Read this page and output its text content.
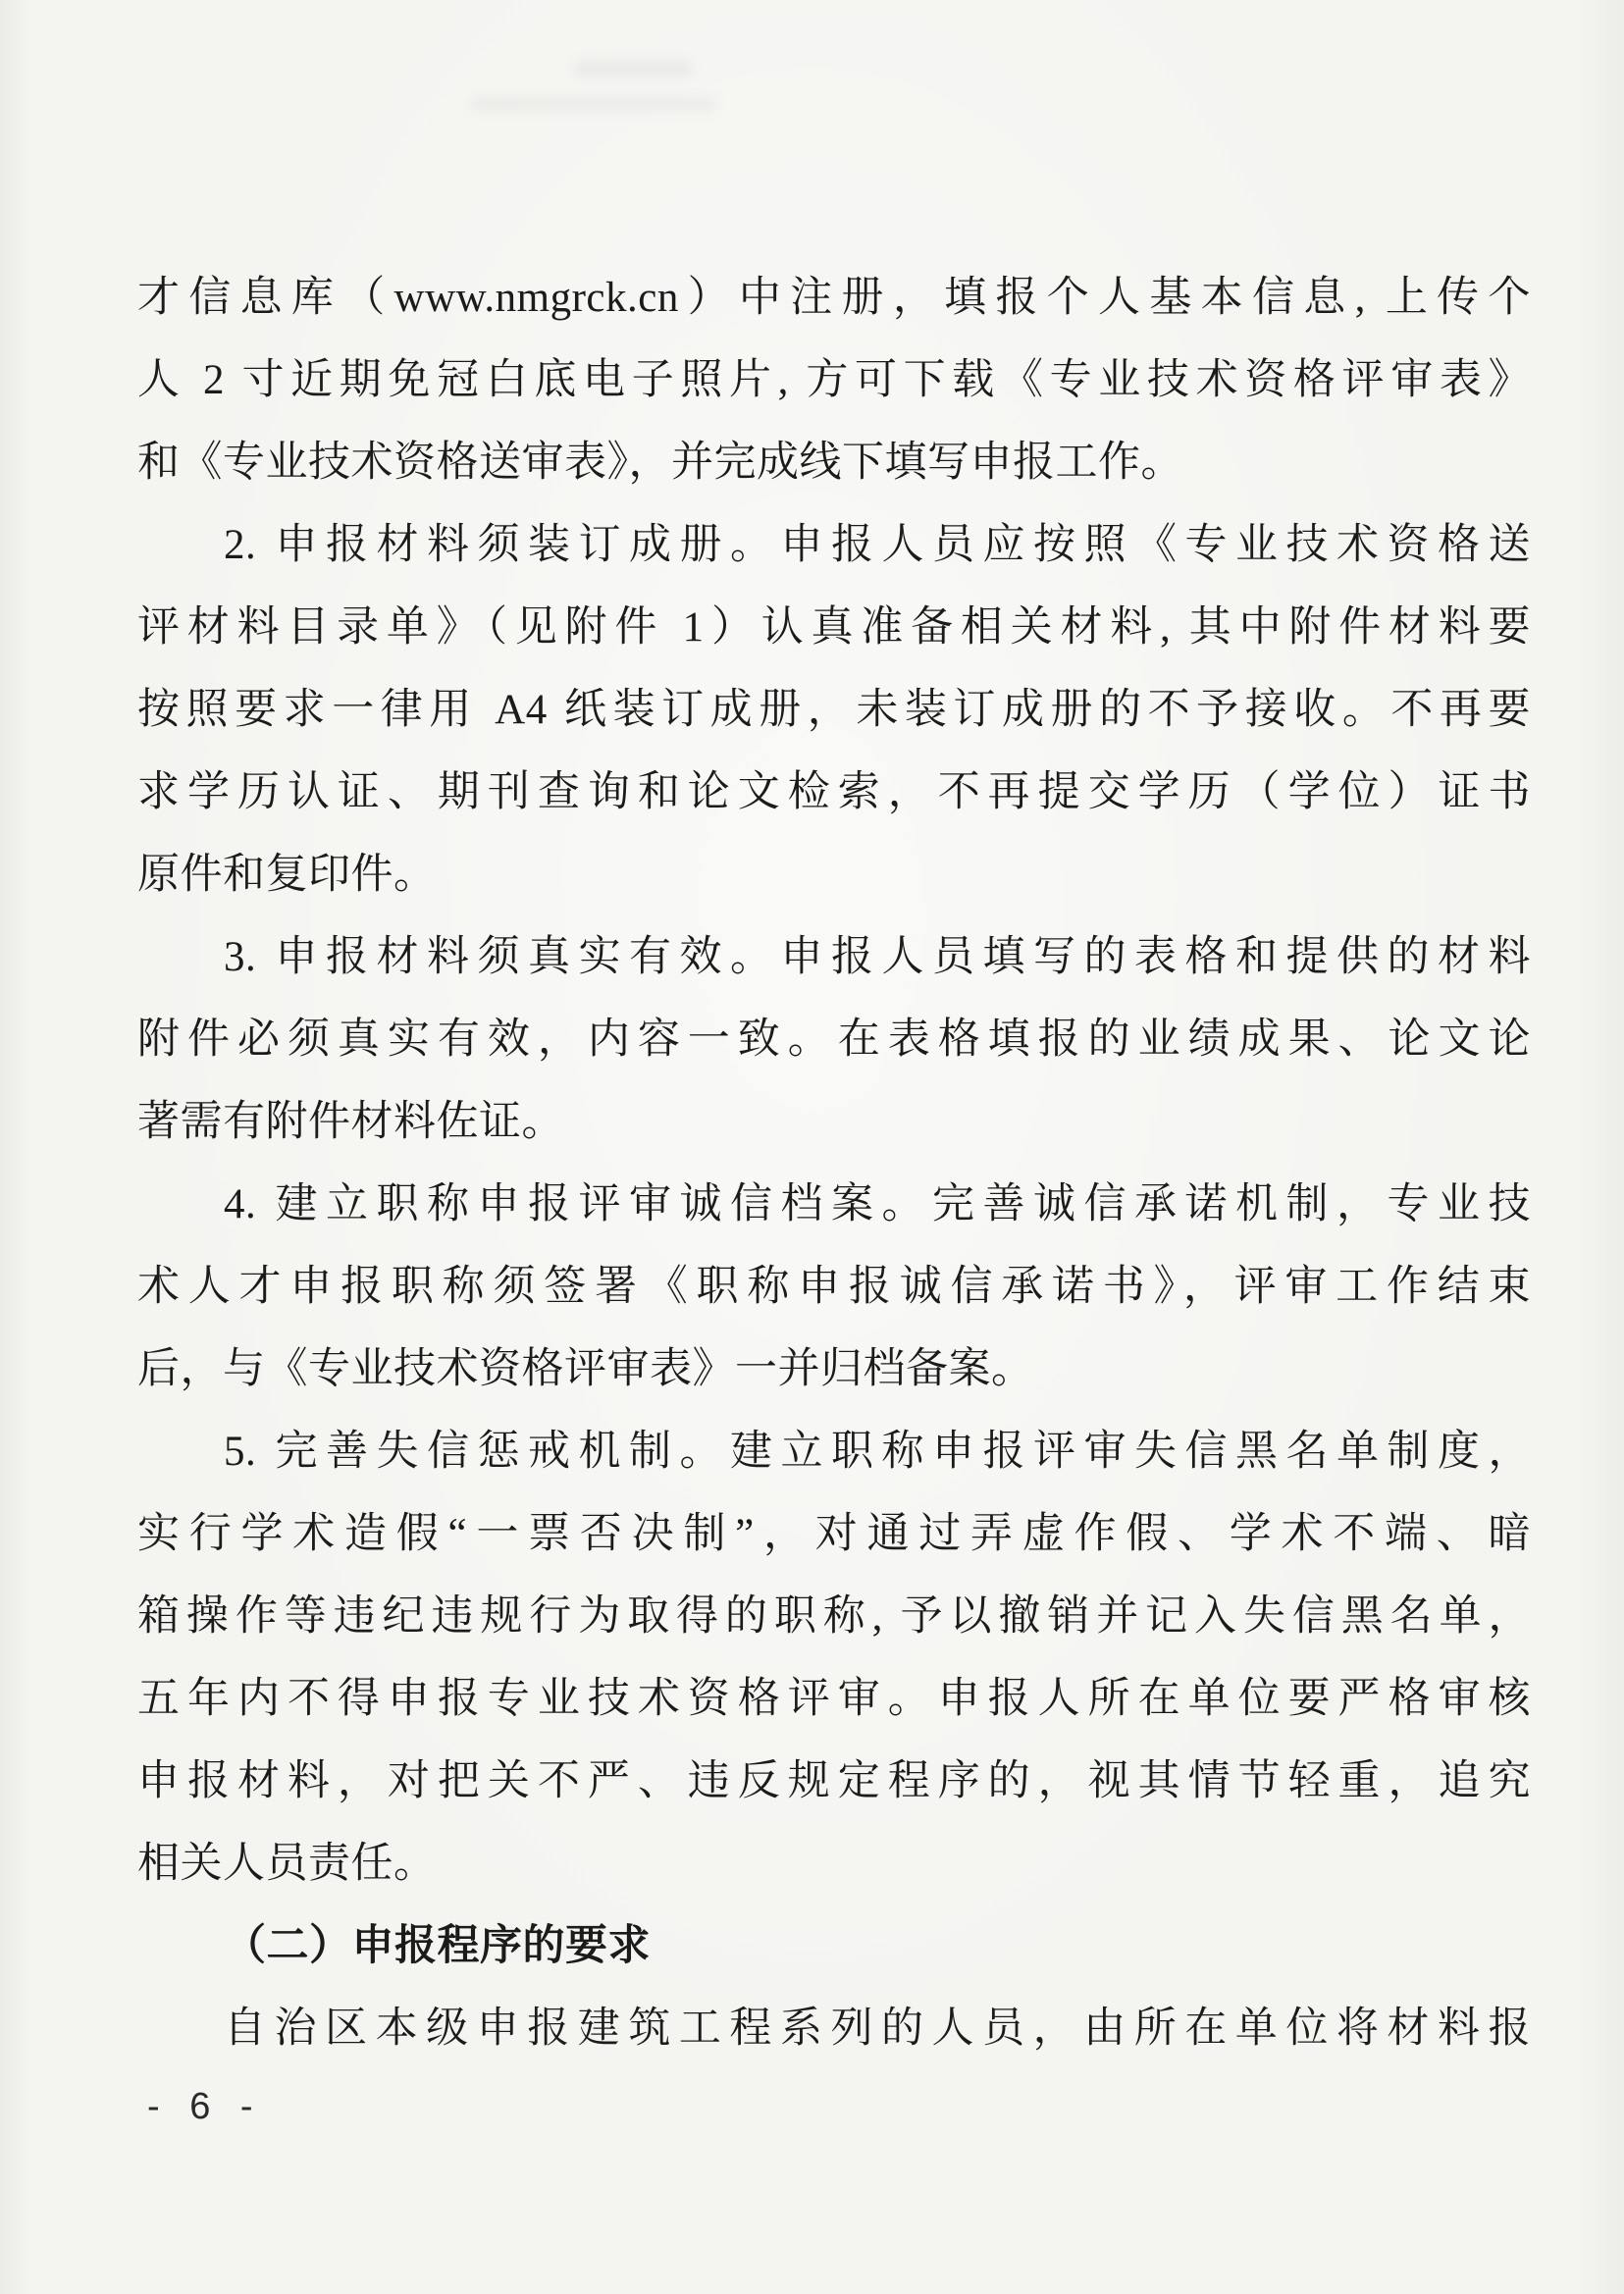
才信息库（www.nmgrck.cn）中注册，填报个人基本信息, 上传个

人 2 寸近期免冠白底电子照片, 方可下载《专业技术资格评审表》

和《专业技术资格送审表》，并完成线下填写申报工作。

2. 申报材料须装订成册。申报人员应按照《专业技术资格送

评材料目录单》（见附件 1）认真准备相关材料, 其中附件材料要

按照要求一律用 A4 纸装订成册，未装订成册的不予接收。不再要

求学历认证、期刊查询和论文检索，不再提交学历（学位）证书

原件和复印件。

3. 申报材料须真实有效。申报人员填写的表格和提供的材料

附件必须真实有效，内容一致。在表格填报的业绩成果、论文论

著需有附件材料佐证。

4. 建立职称申报评审诚信档案。完善诚信承诺机制，专业技

术人才申报职称须签署《职称申报诚信承诺书》，评审工作结束

后，与《专业技术资格评审表》一并归档备案。

5. 完善失信惩戒机制。建立职称申报评审失信黑名单制度，

实行学术造假“一票否决制”，对通过弄虚作假、学术不端、暗

箱操作等违纪违规行为取得的职称, 予以撤销并记入失信黑名单，

五年内不得申报专业技术资格评审。申报人所在单位要严格审核

申报材料，对把关不严、违反规定程序的，视其情节轻重，追究

相关人员责任。

（二）申报程序的要求

自治区本级申报建筑工程系列的人员，由所在单位将材料报

- 6 -
